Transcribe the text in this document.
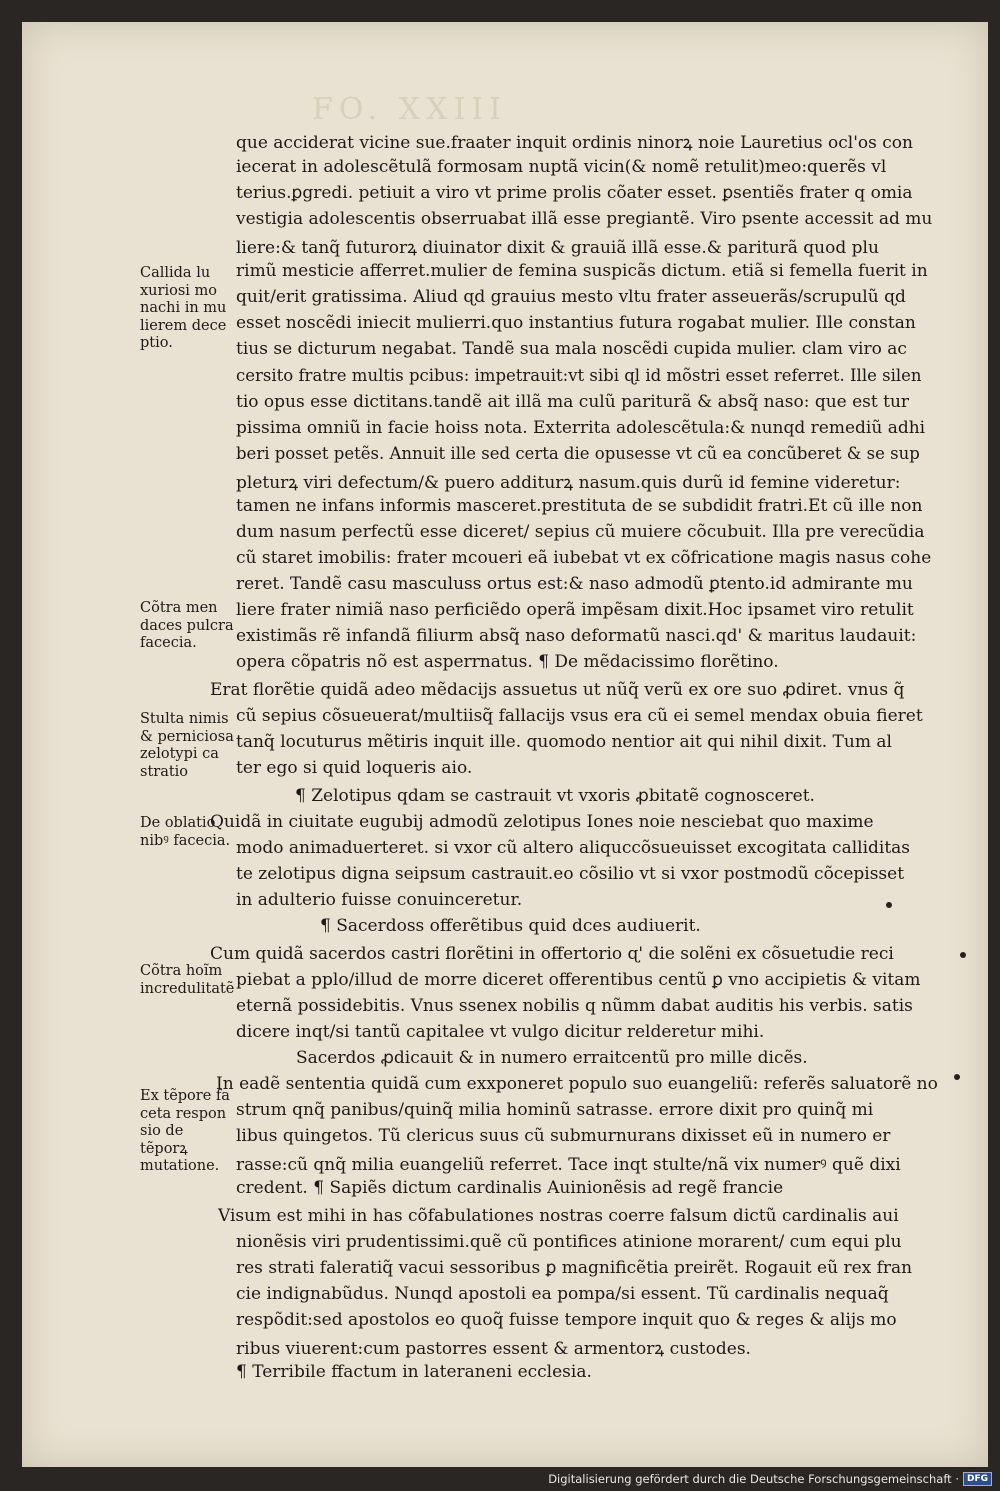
FO. XXIII
que acciderat vicine sue.fraater inquit ordinis ninorꝝ noie Lauretius ocl'os con
iecerat in adolescẽtulã formosam nuptã vicin(& nomẽ retulit)meo:querẽs vl
terius.ꝑgredi. petiuit a viro vt prime prolis cõater esset. ꝑsentiẽs frater q omia
vestigia adolescentis obserruabat illã esse pregiantẽ. Viro psente accessit ad mu
liere:& tanq̃ futurorꝝ diuinator dixit & grauiã illã esse.& pariturã quod plu
rimũ mesticie afferret.mulier de femina suspicãs dictum. etiã si femella fuerit in
quit/erit gratissima. Aliud ɋd grauius mesto vltu frater asseuerãs/scrupulũ ɋd
esset noscẽdi iniecit mulierri.quo instantius futura rogabat mulier. Ille constan
tius se dicturum negabat. Tandẽ sua mala noscẽdi cupida mulier. clam viro ac
cersito fratre multis pcibus: impetrauit:vt sibi ɋl id mõstri esset referret. Ille silen
tio opus esse dictitans.tandẽ ait illã ma culũ pariturã & absq̃ naso: que est tur
pissima omniũ in facie hoiss nota. Exterrita adolescẽtula:& nunqd remediũ adhi
beri posset petẽs. Annuit ille sed certa die opusesse vt cũ ea concũberet & se sup
pleturꝝ viri defectum/& puero additurꝝ nasum.quis durũ id femine videretur:
tamen ne infans informis masceret.prestituta de se subdidit fratri.Et cũ ille non
dum nasum perfectũ esse diceret/ sepius cũ muiere cõcubuit. Illa pre verecũdia
cũ staret imobilis: frater mcoueri eã iubebat vt ex cõfricatione magis nasus cohe
reret. Tandẽ casu masculuss ortus est:& naso admodũ ꝑtento.id admirante mu
liere frater nimiã naso perficiẽdo operã impẽsam dixit.Hoc ipsamet viro retulit
existimãs rẽ infandã filiurm absq̃ naso deformatũ nasci.qd' & maritus laudauit:
opera cõpatris nõ est asperrnatus. ¶ De mẽdacissimo florẽtino.
Erat florẽtie quidã adeo mẽdacijs assuetus ut nũq̃ verũ ex ore suo ꝓdiret. vnus q̃
cũ sepius cõsueuerat/multiisq̃ fallacijs vsus era cũ ei semel mendax obuia fieret
tanq̃ locuturus mẽtiris inquit ille. quomodo nentior ait qui nihil dixit. Tum al
ter ego si quid loqueris aio.
¶ Zelotipus qdam se castrauit vt vxoris ꝓbitatẽ cognosceret.
Quidã in ciuitate eugubij admodũ zelotipus Iones noie nesciebat quo maxime
modo animaduerteret. si vxor cũ altero aliquccõsueuisset excogitata calliditas
te zelotipus digna seipsum castrauit.eo cõsilio vt si vxor postmodũ cõcepisset
in adulterio fuisse conuinceretur.
¶ Sacerdoss offerẽtibus quid dces audiuerit.
Cum quidã sacerdos castri florẽtini in offertorio ɋ' die solẽni ex cõsuetudie reci
piebat a pplo/illud de morre diceret offerentibus centũ ꝑ vno accipietis & vitam
eternã possidebitis. Vnus ssenex nobilis q nũmm dabat auditis his verbis. satis
dicere inqt/si tantũ capitalee vt vulgo dicitur relderetur mihi.
Sacerdos ꝓdicauit & in numero erraitcentũ pro mille dicẽs.
In eadẽ sententia quidã cum exxponeret populo suo euangeliũ: referẽs saluatorẽ no
strum qnq̃ panibus/quinq̃ milia hominũ satrasse. errore dixit pro quinq̃ mi
libus quingetos. Tũ clericus suus cũ submurnurans dixisset eũ in numero er
rasse:cũ qnq̃ milia euangeliũ referret. Tace inqt stulte/nã vix numerꝰ quẽ dixi
credent. ¶ Sapiẽs dictum cardinalis Auinionẽsis ad regẽ francie
Visum est mihi in has cõfabulationes nostras coerre falsum dictũ cardinalis aui
nionẽsis viri prudentissimi.quẽ cũ pontifices atinione morarent/ cum equi plu
res strati faleratiq̃ vacui sessoribus ꝑ magnificẽtia preirẽt. Rogauit eũ rex fran
cie indignabũdus. Nunqd apostoli ea pompa/si essent. Tũ cardinalis nequaq̃
respõdit:sed apostolos eo quoq̃ fuisse tempore inquit quo & reges & alijs mo
ribus viuerent:cum pastorres essent & armentorꝝ custodes.
¶ Terribile ffactum in lateraneni ecclesia.
Callida lu
xuriosi mo
nachi in mu
lierem dece
ptio.
Cõtra men
daces pulcra
facecia.
Stulta nimis
& perniciosa
zelotypi ca
stratio
De oblatio
nibꝰ facecia.
Cõtra hoĩm
incredulitatẽ
Ex tẽpore fa
ceta respon
sio de tẽporꝝ
mutatione.
Digitalisierung gefördert durch die Deutsche Forschungsgemeinschaft · DFG
